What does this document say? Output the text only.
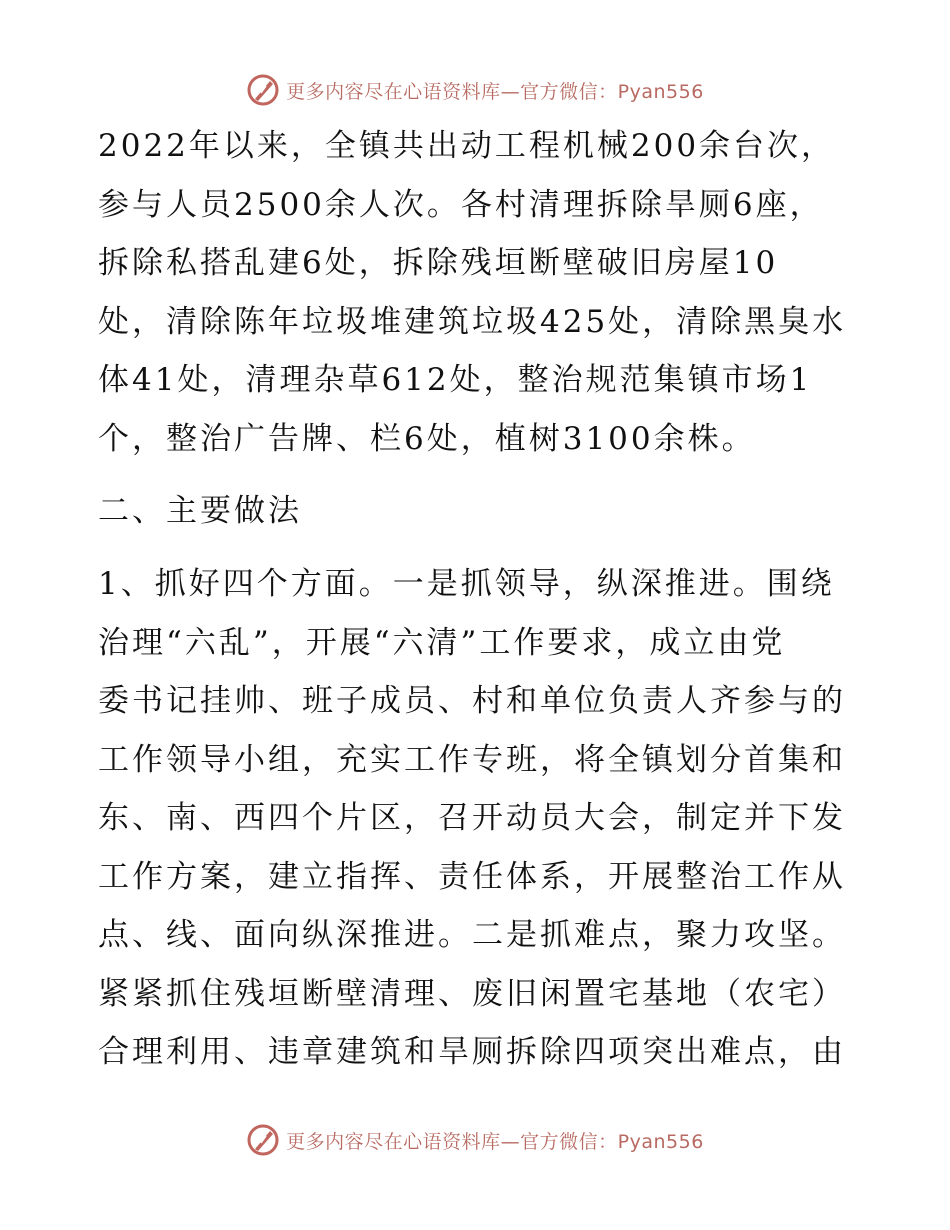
更多内容尽在心语资料库—官方微信：Pyan556
2022年以来，全镇共出动工程机械200余台次，
参与人员2500余人次。各村清理拆除旱厕6座，
拆除私搭乱建6处，拆除残垣断壁破旧房屋10
处，清除陈年垃圾堆建筑垃圾425处，清除黑臭水
体41处，清理杂草612处，整治规范集镇市场1
个，整治广告牌、栏6处，植树3100余株。
二、主要做法
1、抓好四个方面。一是抓领导，纵深推进。围绕
治理“六乱”，开展“六清”工作要求，成立由党
委书记挂帅、班子成员、村和单位负责人齐参与的
工作领导小组，充实工作专班，将全镇划分首集和
东、南、西四个片区，召开动员大会，制定并下发
工作方案，建立指挥、责任体系，开展整治工作从
点、线、面向纵深推进。二是抓难点，聚力攻坚。
紧紧抓住残垣断壁清理、废旧闲置宅基地（农宅）
合理利用、违章建筑和旱厕拆除四项突出难点，由
更多内容尽在心语资料库—官方微信：Pyan556
